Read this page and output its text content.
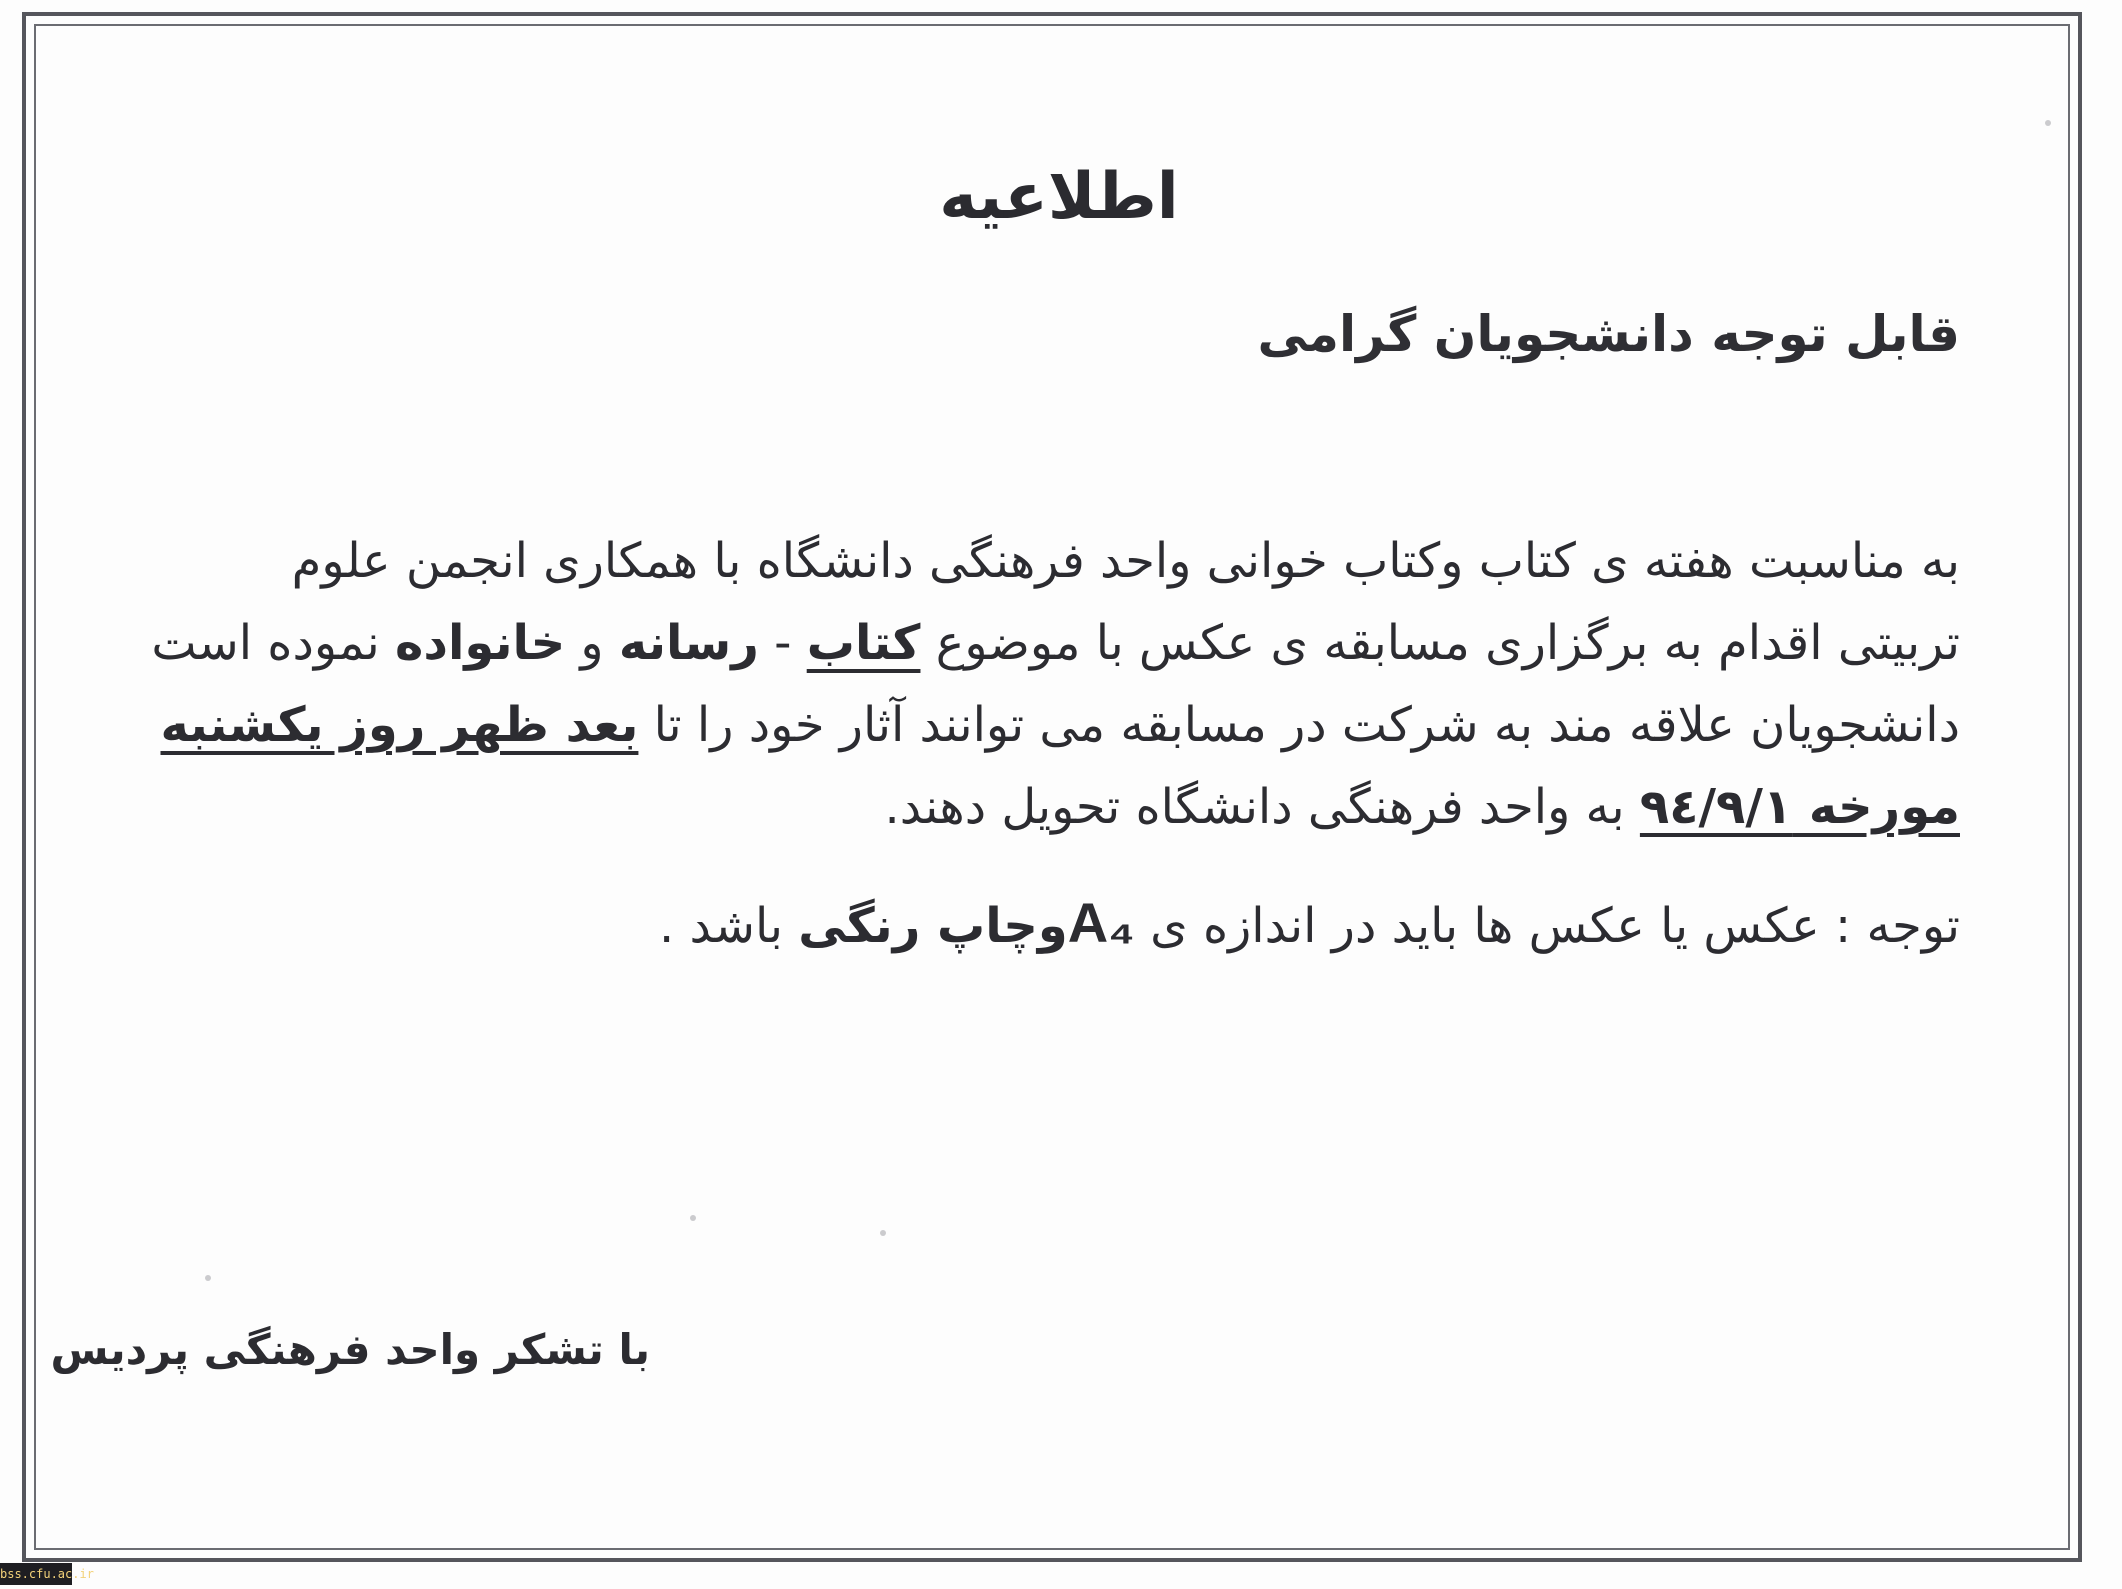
اطلاعیه
قابل توجه دانشجویان گرامی
به مناسبت هفته ی کتاب وکتاب خوانی واحد فرهنگی دانشگاه با همکاری انجمن علوم
تربیتی اقدام به برگزاری مسابقه ی عکس با موضوع کتاب - رسانه و خانواده نموده است
دانشجویان علاقه مند به شرکت در مسابقه می توانند آثار خود را تا بعد ظهر روز یکشنبه
مورخه ۹٤/۹/۱ به واحد فرهنگی دانشگاه تحویل دهند.
توجه : عکس یا عکس ها باید در اندازه ی A₄وچاپ رنگی باشد .
با تشکر واحد فرهنگی پردیس
bss.cfu.ac.ir
